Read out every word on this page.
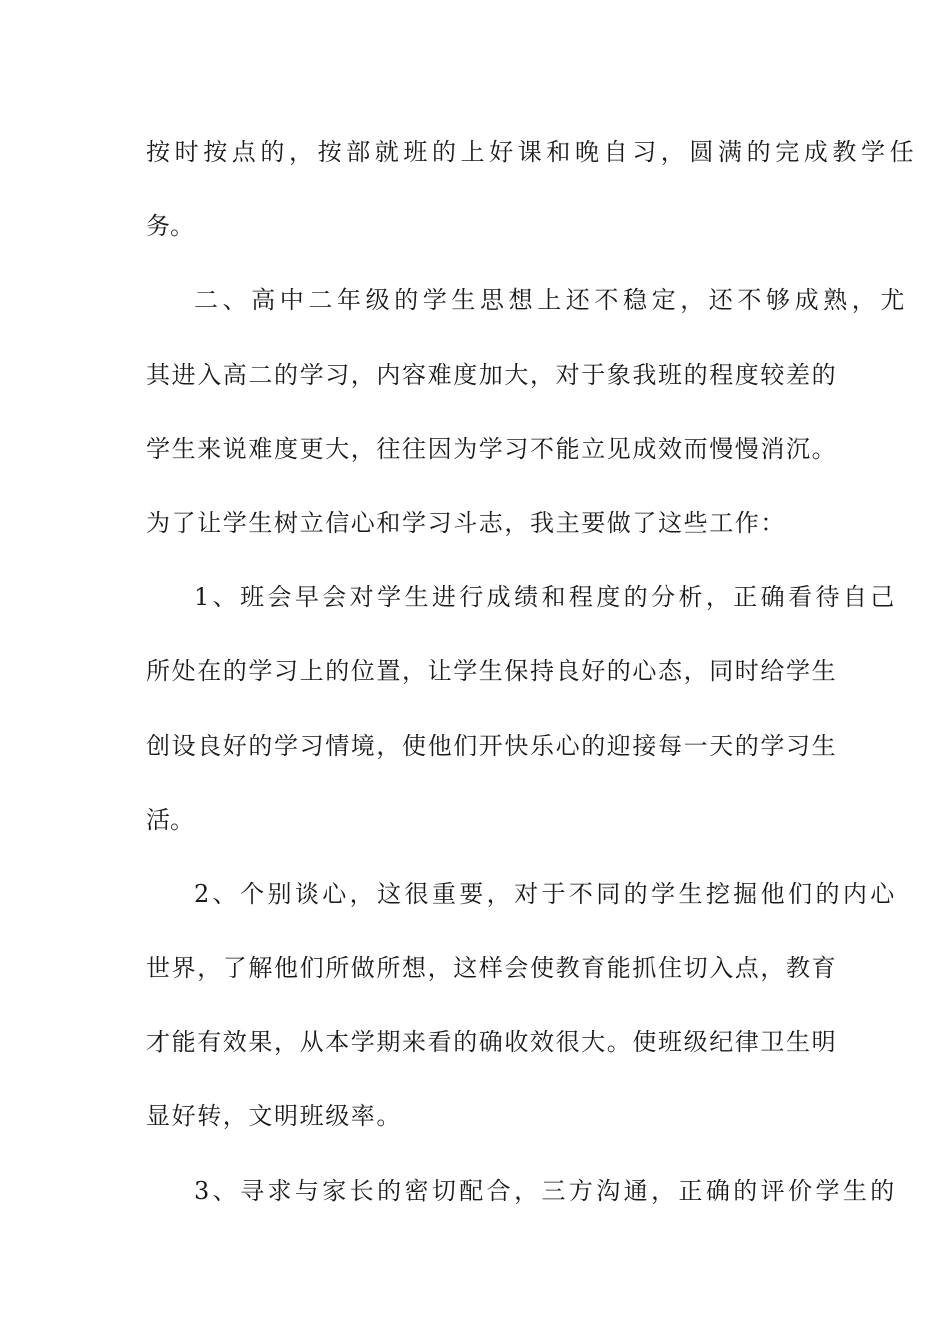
按时按点的，按部就班的上好课和晚自习，圆满的完成教学任
务。
二、高中二年级的学生思想上还不稳定，还不够成熟，尤
其进入高二的学习，内容难度加大，对于象我班的程度较差的
学生来说难度更大，往往因为学习不能立见成效而慢慢消沉。
为了让学生树立信心和学习斗志，我主要做了这些工作：
1、班会早会对学生进行成绩和程度的分析，正确看待自己
所处在的学习上的位置，让学生保持良好的心态，同时给学生
创设良好的学习情境，使他们开快乐心的迎接每一天的学习生
活。
2、个别谈心，这很重要，对于不同的学生挖掘他们的内心
世界，了解他们所做所想，这样会使教育能抓住切入点，教育
才能有效果，从本学期来看的确收效很大。使班级纪律卫生明
显好转，文明班级率。
3、寻求与家长的密切配合，三方沟通，正确的评价学生的
